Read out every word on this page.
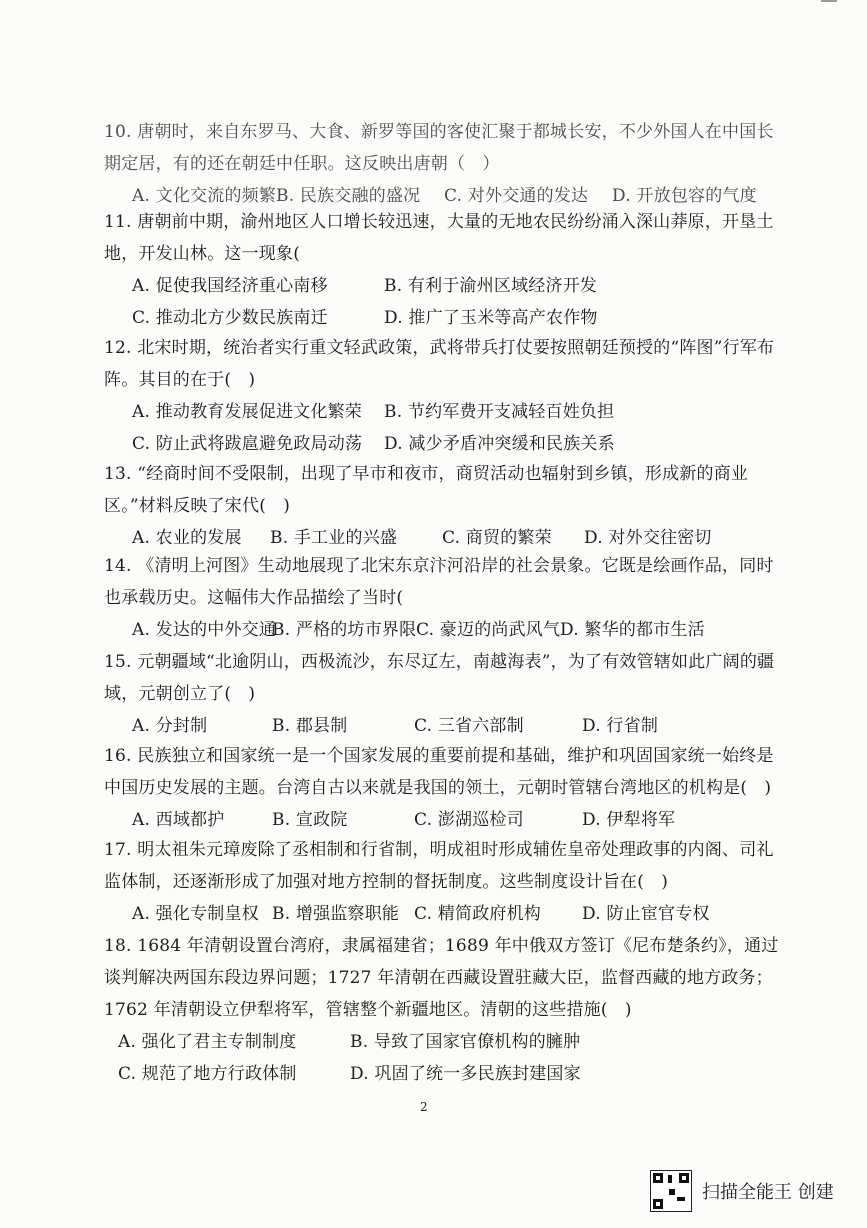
10. 唐朝时，来自东罗马、大食、新罗等国的客使汇聚于都城长安，不少外国人在中国长期定居，有的还在朝廷中任职。这反映出唐朝（　）

A. 文化交流的频繁 B. 民族交融的盛况 C. 对外交通的发达 D. 开放包容的气度

11. 唐朝前中期，渝州地区人口增长较迅速，大量的无地农民纷纷涌入深山莽原，开垦土地，开发山林。这一现象(

A. 促使我国经济重心南移	B. 有利于渝州区域经济开发
C. 推动北方少数民族南迁	D. 推广了玉米等高产农作物

12. 北宋时期，统治者实行重文轻武政策，武将带兵打仗要按照朝廷预授的“阵图”行军布阵。其目的在于(　)

A. 推动教育发展促进文化繁荣 B. 节约军费开支减轻百姓负担
C. 防止武将跋扈避免政局动荡 D. 减少矛盾冲突缓和民族关系

13. “经商时间不受限制，出现了早市和夜市，商贸活动也辐射到乡镇，形成新的商业区。”材料反映了宋代(　)

A. 农业的发展 B. 手工业的兴盛	C. 商贸的繁荣 D. 对外交往密切

14. 《清明上河图》生动地展现了北宋东京汴河沿岸的社会景象。它既是绘画作品，同时也承载历史。这幅伟大作品描绘了当时(

A. 发达的中外交通
B. 严格的坊市界限 C. 豪迈的尚武风气 D. 繁华的都市生活

15. 元朝疆域“北逾阴山，西极流沙，东尽辽左，南越海表”，为了有效管辖如此广阔的疆域，元朝创立了(　)

A. 分封制	B. 郡县制	C. 三省六部制	D. 行省制

16. 民族独立和国家统一是一个国家发展的重要前提和基础，维护和巩固国家统一始终是中国历史发展的主题。台湾自古以来就是我国的领土，元朝时管辖台湾地区的机构是(　)

A. 西域都护	B. 宣政院	C. 澎湖巡检司	D. 伊犁将军

17. 明太祖朱元璋废除了丞相制和行省制，明成祖时形成辅佐皇帝处理政事的内阁、司礼监体制，还逐渐形成了加强对地方控制的督抚制度。这些制度设计旨在(　)

A. 强化专制皇权 B. 增强监察职能 C. 精简政府机构 D. 防止宦官专权

18. 1684 年清朝设置台湾府，隶属福建省；1689 年中俄双方签订《尼布楚条约》，通过谈判解决两国东段边界问题；1727 年清朝在西藏设置驻藏大臣，监督西藏的地方政务；1762 年清朝设立伊犁将军，管辖整个新疆地区。清朝的这些措施(　)

A. 强化了君主专制制度	B. 导致了国家官僚机构的臃肿
C. 规范了地方行政体制	D. 巩固了统一多民族封建国家
2
扫描全能王 创建
